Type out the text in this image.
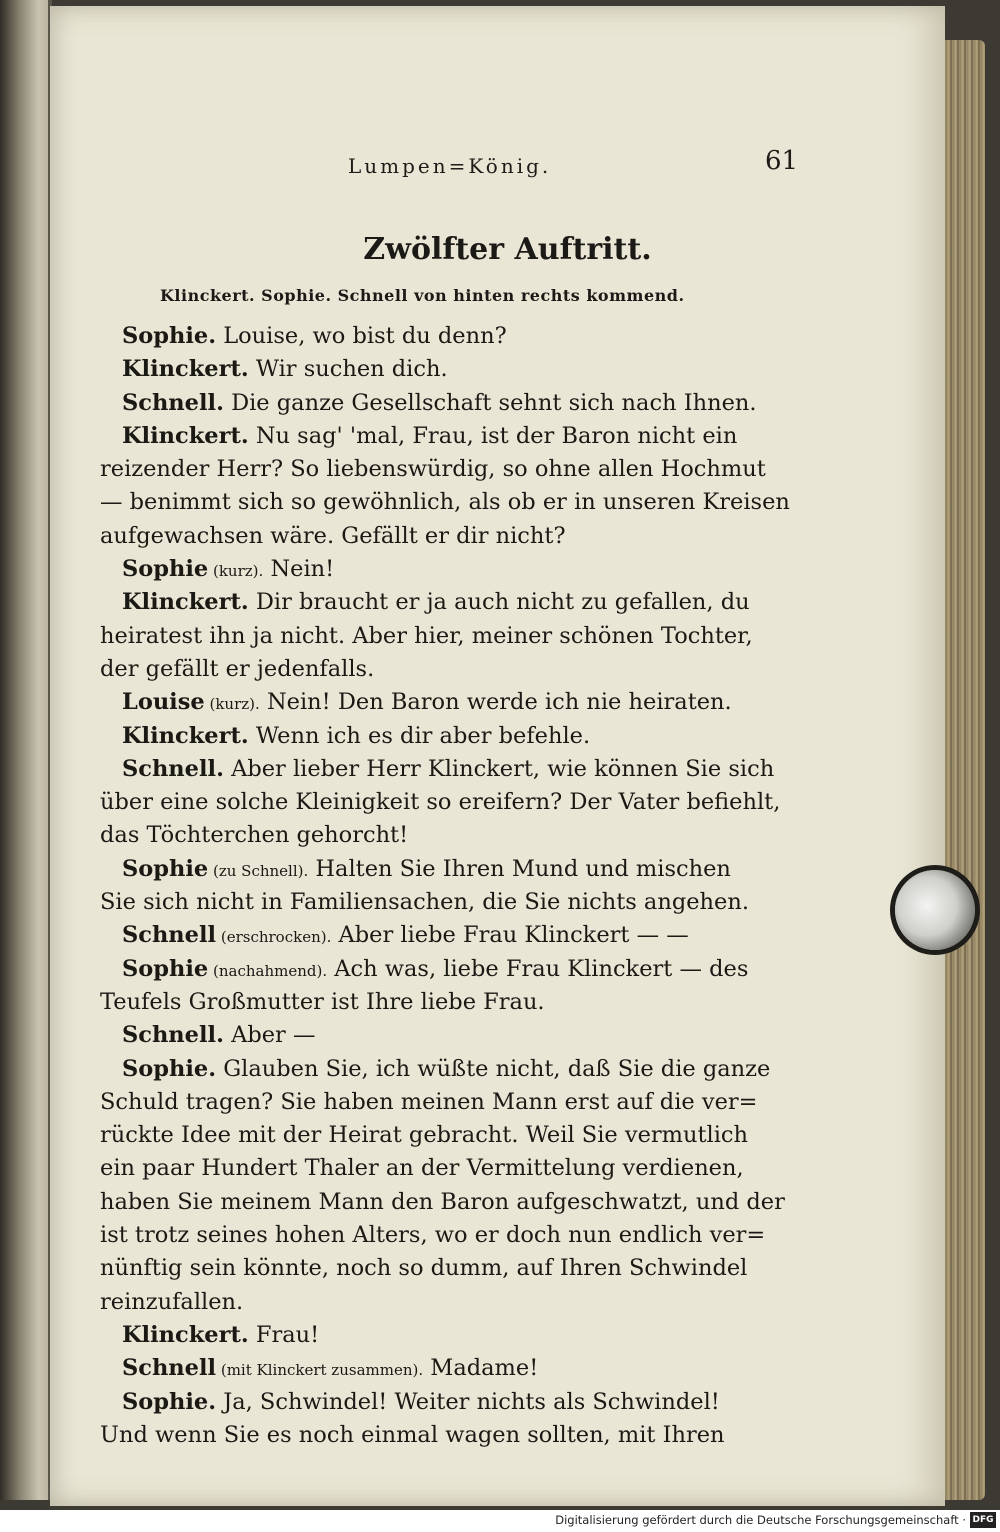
Lumpen=König.	61
Zwölfter Auftritt.
Klinckert. Sophie. Schnell von hinten rechts kommend.
Sophie. Louise, wo bist du denn?
Klinckert. Wir suchen dich.
Schnell. Die ganze Gesellschaft sehnt sich nach Ihnen.
Klinckert. Nu sag' 'mal, Frau, ist der Baron nicht ein
reizender Herr? So liebenswürdig, so ohne allen Hochmut
— benimmt sich so gewöhnlich, als ob er in unseren Kreisen
aufgewachsen wäre. Gefällt er dir nicht?
Sophie (kurz). Nein!
Klinckert. Dir braucht er ja auch nicht zu gefallen, du
heiratest ihn ja nicht. Aber hier, meiner schönen Tochter,
der gefällt er jedenfalls.
Louise (kurz). Nein! Den Baron werde ich nie heiraten.
Klinckert. Wenn ich es dir aber befehle.
Schnell. Aber lieber Herr Klinckert, wie können Sie sich
über eine solche Kleinigkeit so ereifern? Der Vater befiehlt,
das Töchterchen gehorcht!
Sophie (zu Schnell). Halten Sie Ihren Mund und mischen
Sie sich nicht in Familiensachen, die Sie nichts angehen.
Schnell (erschrocken). Aber liebe Frau Klinckert — —
Sophie (nachahmend). Ach was, liebe Frau Klinckert — des
Teufels Großmutter ist Ihre liebe Frau.
Schnell. Aber —
Sophie. Glauben Sie, ich wüßte nicht, daß Sie die ganze
Schuld tragen? Sie haben meinen Mann erst auf die ver=
rückte Idee mit der Heirat gebracht. Weil Sie vermutlich
ein paar Hundert Thaler an der Vermittelung verdienen,
haben Sie meinem Mann den Baron aufgeschwatzt, und der
ist trotz seines hohen Alters, wo er doch nun endlich ver=
nünftig sein könnte, noch so dumm, auf Ihren Schwindel
reinzufallen.
Klinckert. Frau!
Schnell (mit Klinckert zusammen). Madame!
Sophie. Ja, Schwindel! Weiter nichts als Schwindel!
Und wenn Sie es noch einmal wagen sollten, mit Ihren
Digitalisierung gefördert durch die Deutsche Forschungsgemeinschaft · DFG
